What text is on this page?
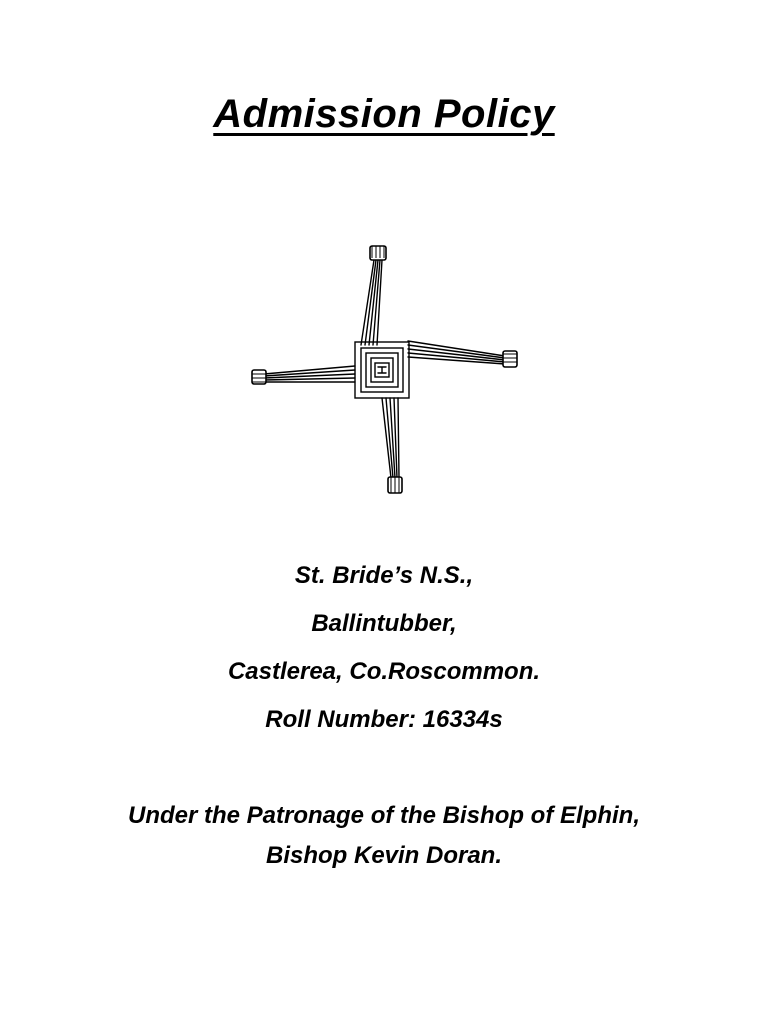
Admission Policy
St. Bride’s N.S.,
Ballintubber,
Castlerea, Co.Roscommon.
Roll Number: 16334s
Under the Patronage of the Bishop of Elphin,
Bishop Kevin Doran.
